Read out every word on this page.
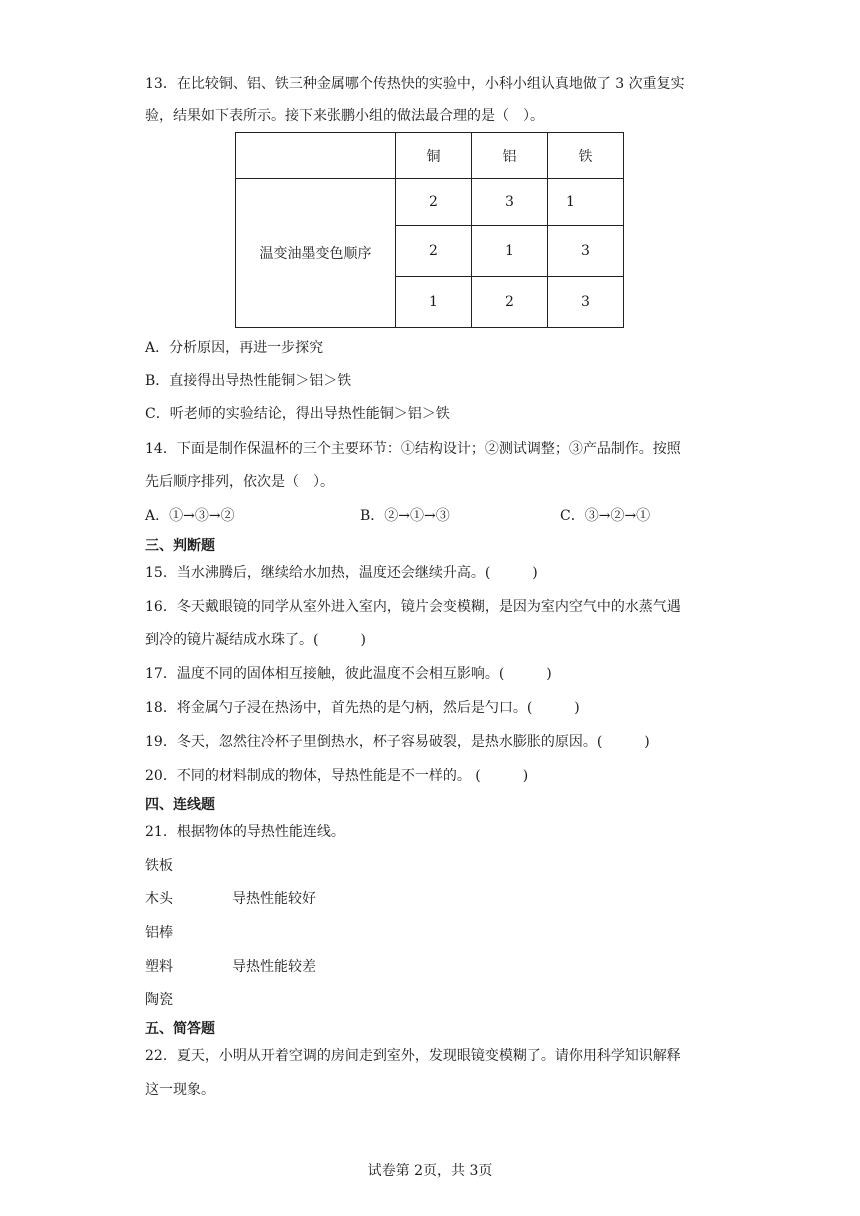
13．在比较铜、铝、铁三种金属哪个传热快的实验中，小科小组认真地做了 3 次重复实
验，结果如下表所示。接下来张鹏小组的做法最合理的是（　）。
	铜	铝	铁
温变油墨变色顺序	2	3	1
	2	1	3
	1	2	3
A．分析原因，再进一步探究
B．直接得出导热性能铜＞铝＞铁
C．听老师的实验结论，得出导热性能铜＞铝＞铁
14．下面是制作保温杯的三个主要环节：①结构设计；②测试调整；③产品制作。按照
先后顺序排列，依次是（　）。
A．①→③→②	B．②→①→③	C．③→②→①
三、判断题
15．当水沸腾后，继续给水加热，温度还会继续升高。(　　　)
16．冬天戴眼镜的同学从室外进入室内，镜片会变模糊，是因为室内空气中的水蒸气遇
到冷的镜片凝结成水珠了。(　　　)
17．温度不同的固体相互接触，彼此温度不会相互影响。(　　　)
18．将金属勺子浸在热汤中，首先热的是勺柄，然后是勺口。(　　　)
19．冬天，忽然往冷杯子里倒热水，杯子容易破裂，是热水膨胀的原因。(　　　)
20．不同的材料制成的物体，导热性能是不一样的。 (　　　)
四、连线题
21．根据物体的导热性能连线。
铁板
木头	导热性能较好
铝棒
塑料	导热性能较差
陶瓷
五、简答题
22．夏天，小明从开着空调的房间走到室外，发现眼镜变模糊了。请你用科学知识解释
这一现象。
试卷第 2页，共 3页
